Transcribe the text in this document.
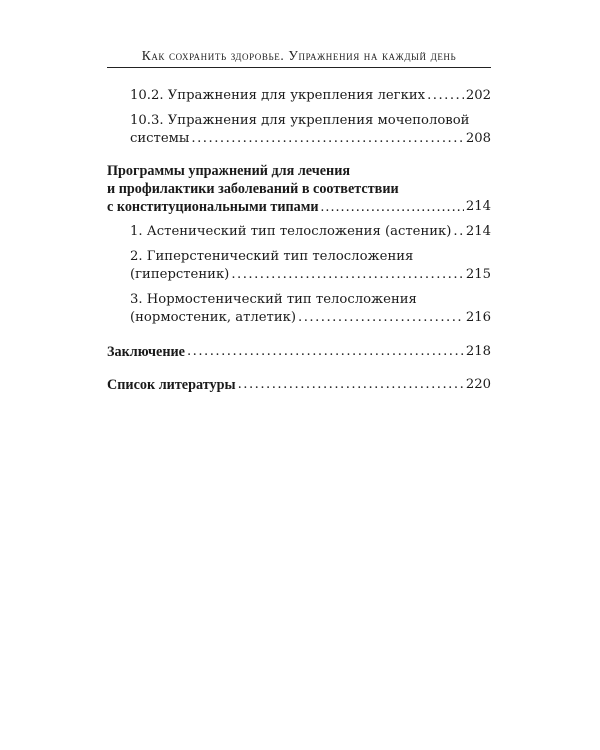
Как сохранить здоровье. Упражнения на каждый день
10.2. Упражнения для укрепления легких .....	202
10.3. Упражнения для укрепления мочеполовой
системы .....	208
Программы упражнений для лечения
и профилактики заболеваний в соответствии
с конституциональными типами .....	214
1. Астенический тип телосложения (астеник) ..... 214
2. Гиперстенический тип телосложения
(гиперстеник) .....	215
3. Нормостенический тип телосложения
(нормостеник, атлетик) .....	216
Заключение .....	218
Список литературы .....	220
